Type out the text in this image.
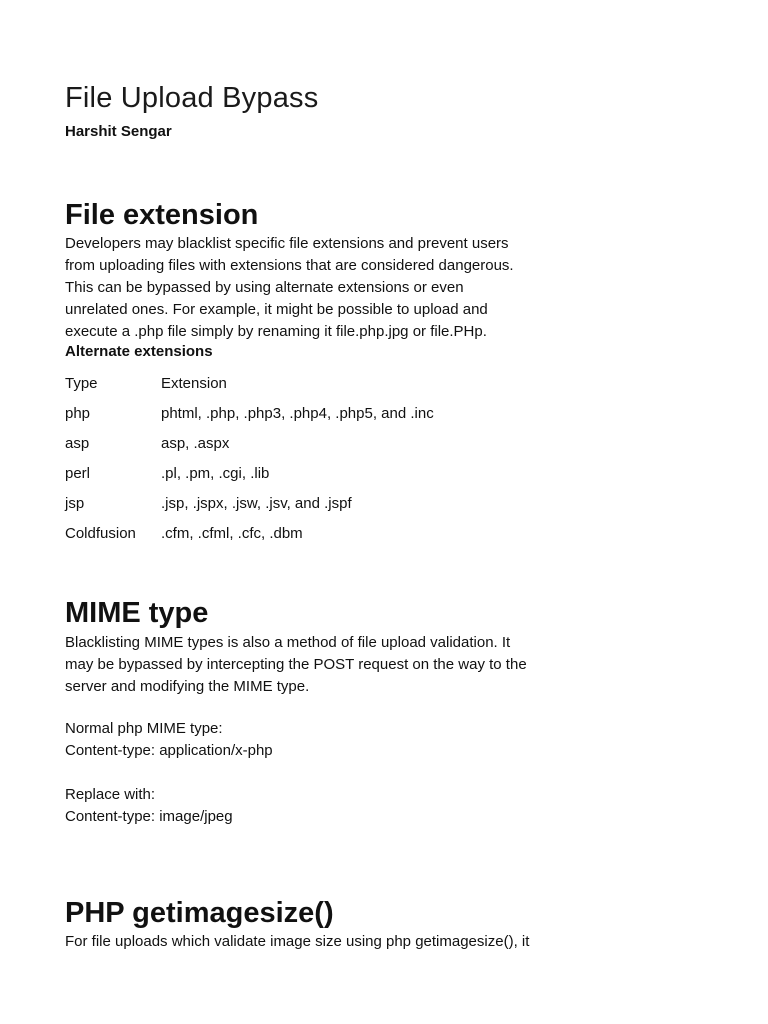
File Upload Bypass

Harshit Sengar

File extension

Developers may blacklist specific file extensions and prevent users
from uploading files with extensions that are considered dangerous.
This can be bypassed by using alternate extensions or even
unrelated ones. For example, it might be possible to upload and
execute a .php file simply by renaming it file.php.jpg or file.PHp.

Alternate extensions

Type	Extension
php	phtml, .php, .php3, .php4, .php5, and .inc
asp	asp, .aspx
perl	.pl, .pm, .cgi, .lib
jsp	.jsp, .jspx, .jsw, .jsv, and .jspf
Coldfusion	.cfm, .cfml, .cfc, .dbm
MIME type

Blacklisting MIME types is also a method of file upload validation. It
may be bypassed by intercepting the POST request on the way to the
server and modifying the MIME type.

Normal php MIME type:
Content-type: application/x-php

Replace with:
Content-type: image/jpeg

PHP getimagesize()

For file uploads which validate image size using php getimagesize(), it
